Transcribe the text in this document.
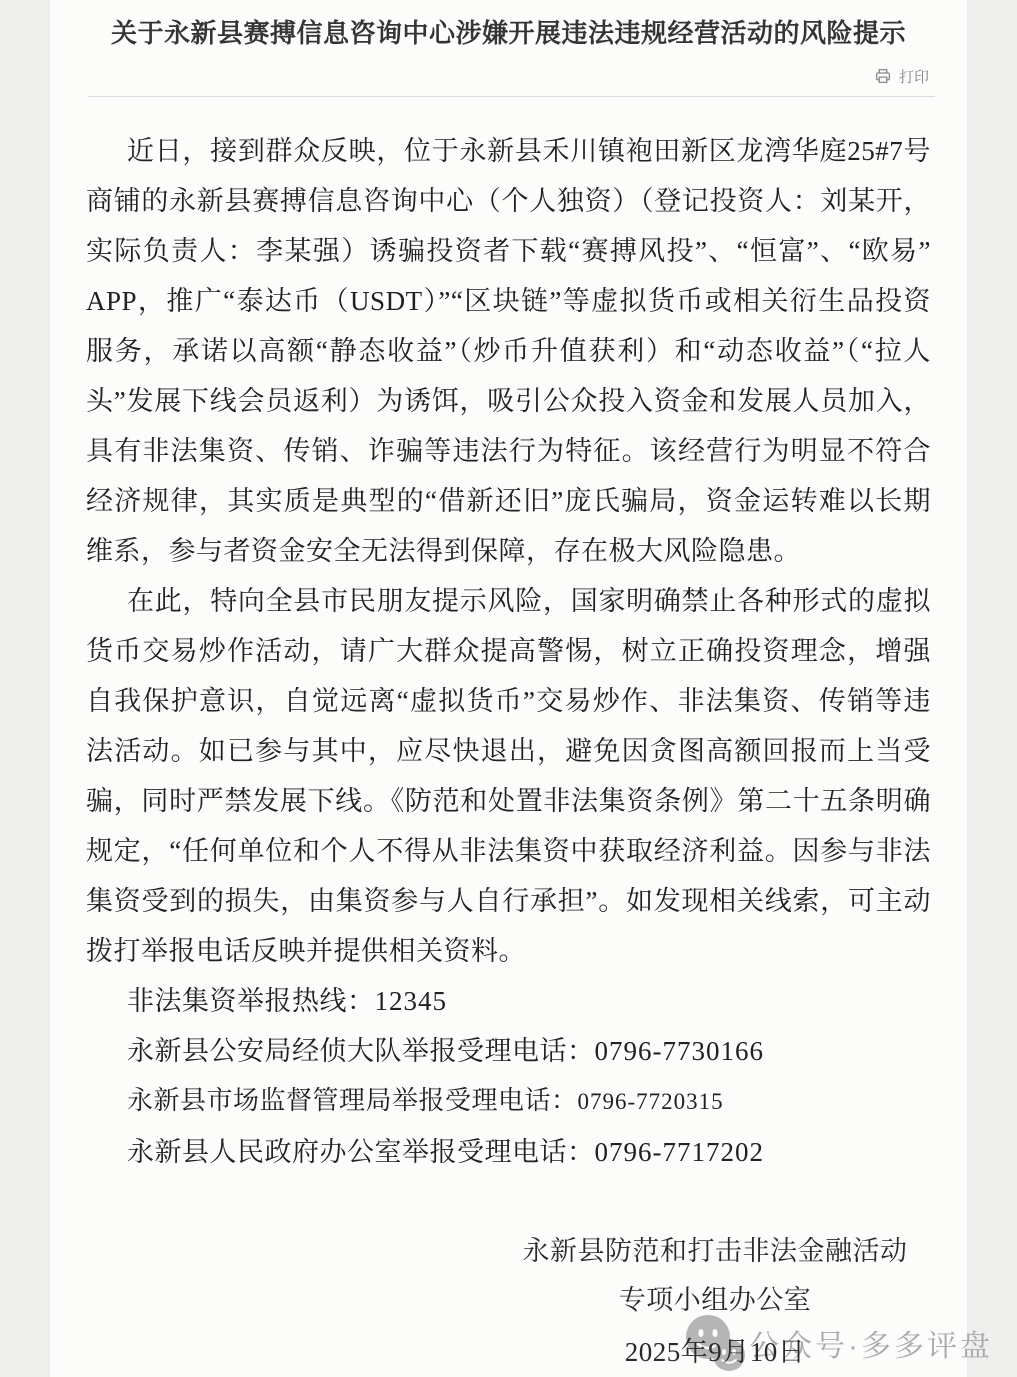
关于永新县赛搏信息咨询中心涉嫌开展违法违规经营活动的风险提示
打印

近日，接到群众反映，位于永新县禾川镇袍田新区龙湾华庭25#7号商铺的永新县赛搏信息咨询中心（个人独资）（登记投资人：刘某开，实际负责人：李某强）诱骗投资者下载“赛搏风投”、“恒富”、“欧易”APP，推广“泰达币（USDT）”“区块链”等虚拟货币或相关衍生品投资服务，承诺以高额“静态收益”（炒币升值获利）和“动态收益”（“拉人头”发展下线会员返利）为诱饵，吸引公众投入资金和发展人员加入，具有非法集资、传销、诈骗等违法行为特征。该经营行为明显不符合经济规律，其实质是典型的“借新还旧”庞氏骗局，资金运转难以长期维系，参与者资金安全无法得到保障，存在极大风险隐患。

在此，特向全县市民朋友提示风险，国家明确禁止各种形式的虚拟货币交易炒作活动，请广大群众提高警惕，树立正确投资理念，增强自我保护意识，自觉远离“虚拟货币”交易炒作、非法集资、传销等违法活动。如已参与其中，应尽快退出，避免因贪图高额回报而上当受骗，同时严禁发展下线。《防范和处置非法集资条例》第二十五条明确规定，“任何单位和个人不得从非法集资中获取经济利益。因参与非法集资受到的损失，由集资参与人自行承担”。如发现相关线索，可主动拨打举报电话反映并提供相关资料。

非法集资举报热线：12345

永新县公安局经侦大队举报受理电话：0796-7730166

永新县市场监督管理局举报受理电话：0796-7720315

永新县人民政府办公室举报受理电话：0796-7717202

永新县防范和打击非法金融活动
专项小组办公室
2025年9月10日
公众号·多多评盘
